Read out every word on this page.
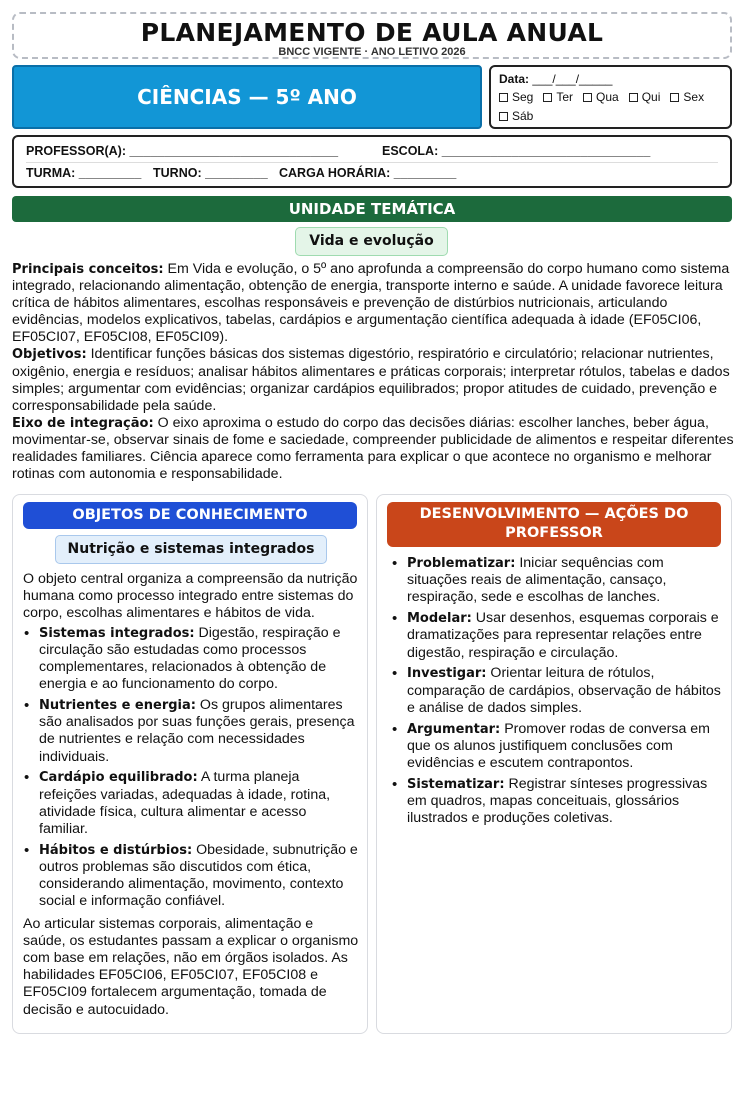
PLANEJAMENTO DE AULA ANUAL
BNCC VIGENTE · ANO LETIVO 2026
CIÊNCIAS — 5º ANO
Data: ___/___/_____
Seg Ter Qua Qui Sex
Sáb
PROFESSOR(A): ______________________________	ESCOLA: ______________________________
TURMA: _________ TURNO: _________ CARGA HORÁRIA: _________
UNIDADE TEMÁTICA
Vida e evolução

Principais conceitos: Em Vida e evolução, o 5º ano aprofunda a compreensão do corpo humano como sistema integrado, relacionando alimentação, obtenção de energia, transporte interno e saúde. A unidade favorece leitura crítica de hábitos alimentares, escolhas responsáveis e prevenção de distúrbios nutricionais, articulando evidências, modelos explicativos, tabelas, cardápios e argumentação científica adequada à idade (EF05CI06, EF05CI07, EF05CI08, EF05CI09).

Objetivos: Identificar funções básicas dos sistemas digestório, respiratório e circulatório; relacionar nutrientes, oxigênio, energia e resíduos; analisar hábitos alimentares e práticas corporais; interpretar rótulos, tabelas e dados simples; argumentar com evidências; organizar cardápios equilibrados; propor atitudes de cuidado, prevenção e corresponsabilidade pela saúde.

Eixo de integração: O eixo aproxima o estudo do corpo das decisões diárias: escolher lanches, beber água, movimentar-se, observar sinais de fome e saciedade, compreender publicidade de alimentos e respeitar diferentes realidades familiares. Ciência aparece como ferramenta para explicar o que acontece no organismo e melhorar rotinas com autonomia e responsabilidade.

OBJETOS DE CONHECIMENTO
Nutrição e sistemas integrados

O objeto central organiza a compreensão da nutrição humana como processo integrado entre sistemas do corpo, escolhas alimentares e hábitos de vida.

• Sistemas integrados: Digestão, respiração e circulação são estudadas como processos complementares, relacionados à obtenção de energia e ao funcionamento do corpo.
• Nutrientes e energia: Os grupos alimentares são analisados por suas funções gerais, presença de nutrientes e relação com necessidades individuais.
• Cardápio equilibrado: A turma planeja refeições variadas, adequadas à idade, rotina, atividade física, cultura alimentar e acesso familiar.
• Hábitos e distúrbios: Obesidade, subnutrição e outros problemas são discutidos com ética, considerando alimentação, movimento, contexto social e informação confiável.

Ao articular sistemas corporais, alimentação e saúde, os estudantes passam a explicar o organismo com base em relações, não em órgãos isolados. As habilidades EF05CI06, EF05CI07, EF05CI08 e EF05CI09 fortalecem argumentação, tomada de decisão e autocuidado.

DESENVOLVIMENTO — AÇÕES DO PROFESSOR
• Problematizar: Iniciar sequências com situações reais de alimentação, cansaço, respiração, sede e escolhas de lanches.
• Modelar: Usar desenhos, esquemas corporais e dramatizações para representar relações entre digestão, respiração e circulação.
• Investigar: Orientar leitura de rótulos, comparação de cardápios, observação de hábitos e análise de dados simples.
• Argumentar: Promover rodas de conversa em que os alunos justifiquem conclusões com evidências e escutem contrapontos.
• Sistematizar: Registrar sínteses progressivas em quadros, mapas conceituais, glossários ilustrados e produções coletivas.
